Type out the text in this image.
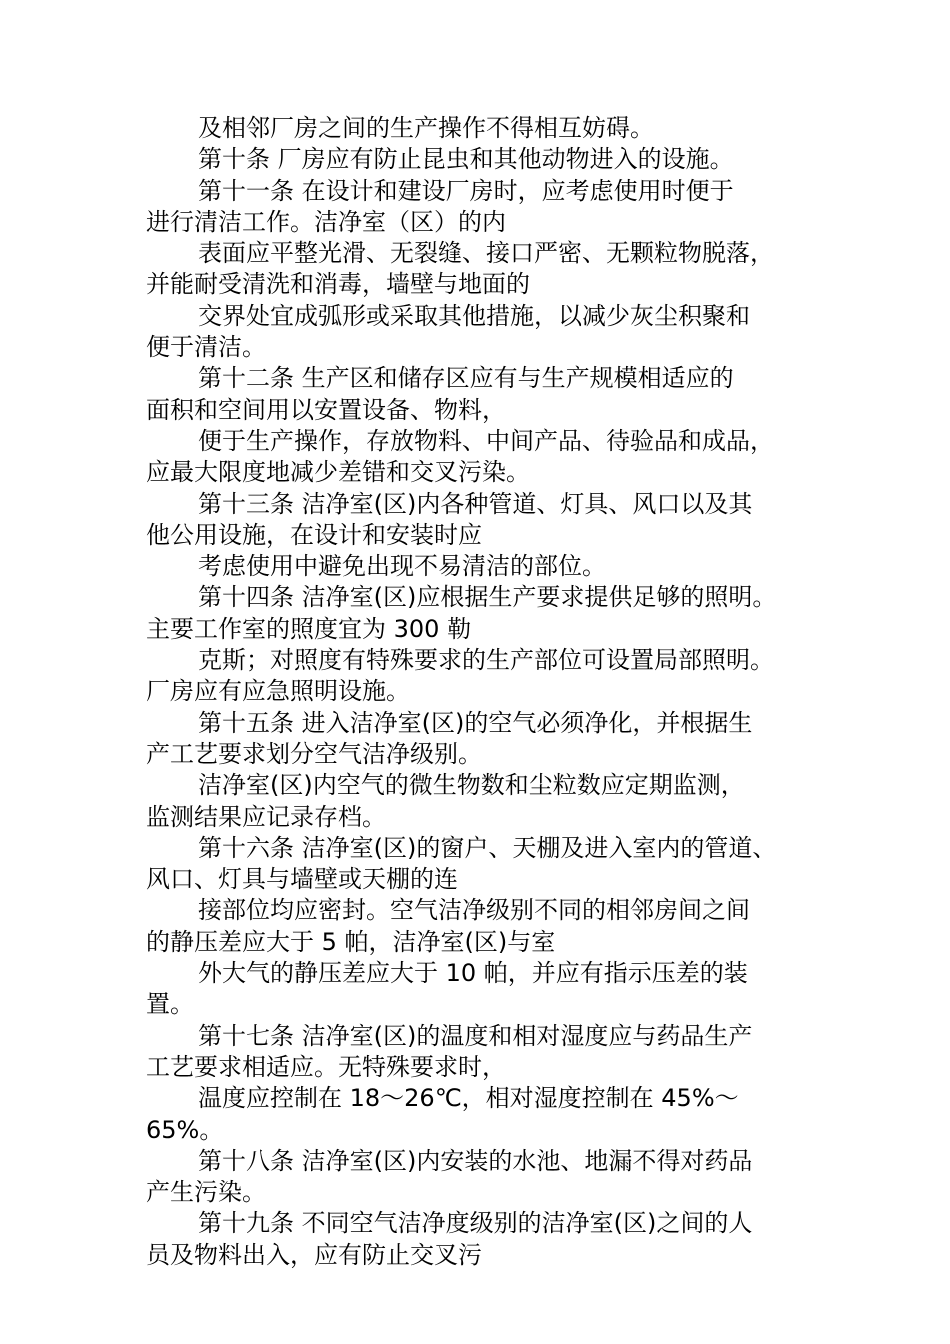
及相邻厂房之间的生产操作不得相互妨碍。
第十条 厂房应有防止昆虫和其他动物进入的设施。
第十一条 在设计和建设厂房时，应考虑使用时便于
进行清洁工作。洁净室（区）的内
表面应平整光滑、无裂缝、接口严密、无颗粒物脱落，
并能耐受清洗和消毒，墙壁与地面的
交界处宜成弧形或采取其他措施，以减少灰尘积聚和
便于清洁。
第十二条 生产区和储存区应有与生产规模相适应的
面积和空间用以安置设备、物料，
便于生产操作，存放物料、中间产品、待验品和成品，
应最大限度地减少差错和交叉污染。
第十三条 洁净室(区)内各种管道、灯具、风口以及其
他公用设施，在设计和安装时应
考虑使用中避免出现不易清洁的部位。
第十四条 洁净室(区)应根据生产要求提供足够的照明。
主要工作室的照度宜为 300 勒
克斯；对照度有特殊要求的生产部位可设置局部照明。
厂房应有应急照明设施。
第十五条 进入洁净室(区)的空气必须净化，并根据生
产工艺要求划分空气洁净级别。
洁净室(区)内空气的微生物数和尘粒数应定期监测，
监测结果应记录存档。
第十六条 洁净室(区)的窗户、天棚及进入室内的管道、
风口、灯具与墙壁或天棚的连
接部位均应密封。空气洁净级别不同的相邻房间之间
的静压差应大于 5 帕，洁净室(区)与室
外大气的静压差应大于 10 帕，并应有指示压差的装
置。
第十七条 洁净室(区)的温度和相对湿度应与药品生产
工艺要求相适应。无特殊要求时，
温度应控制在 18～26℃，相对湿度控制在 45%～
65%。
第十八条 洁净室(区)内安装的水池、地漏不得对药品
产生污染。
第十九条 不同空气洁净度级别的洁净室(区)之间的人
员及物料出入，应有防止交叉污
